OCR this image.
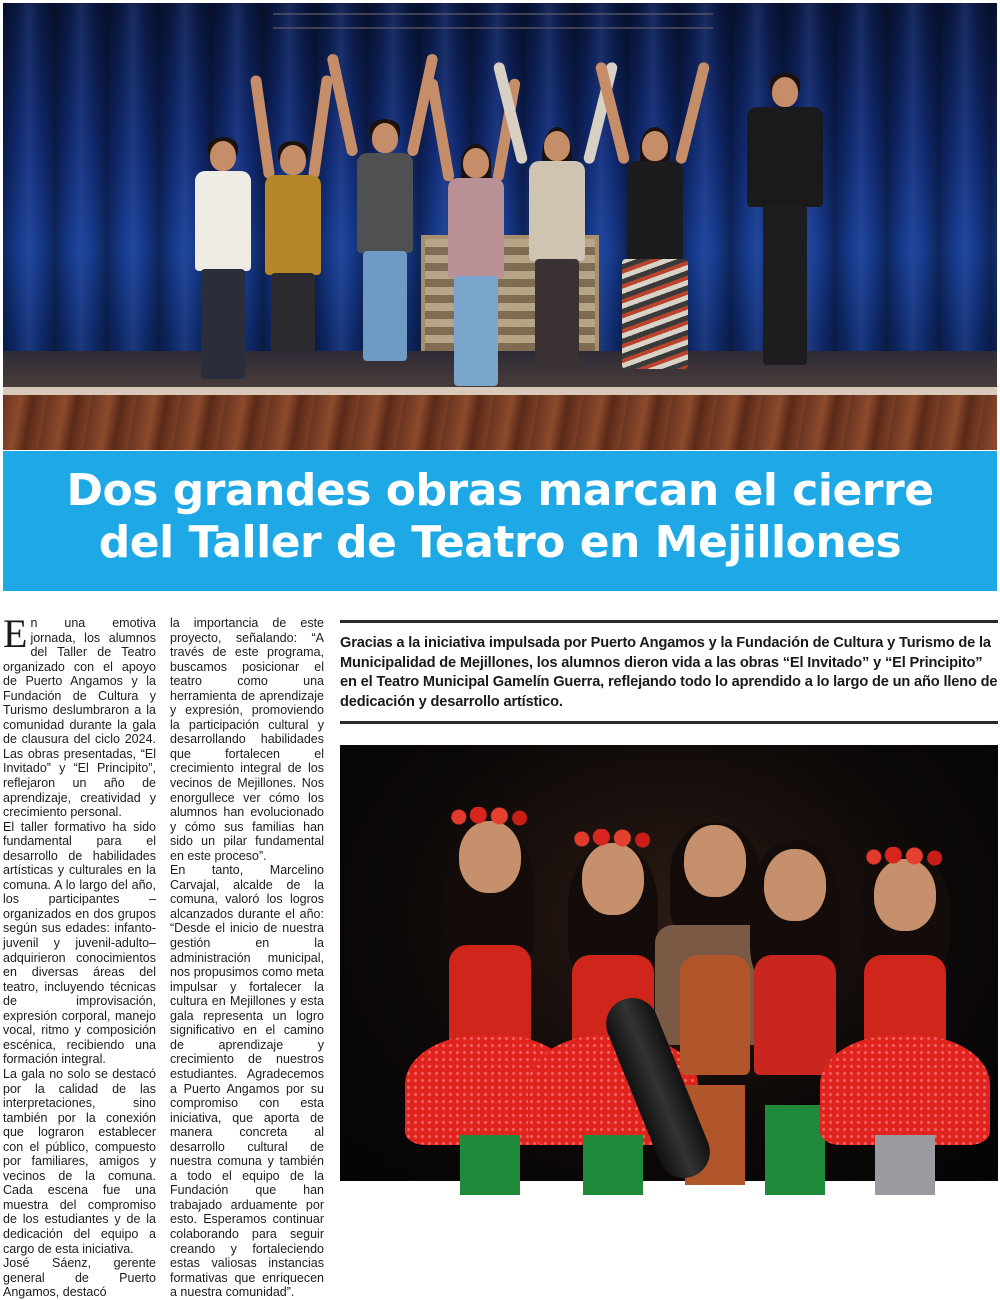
Dos grandes obras marcan el cierre
del Taller de Teatro en Mejillones

En una emotiva jornada, los alumnos del Taller de Teatro organizado con el apoyo de Puerto Angamos y la Fundación de Cultura y Turismo deslumbraron a la comunidad durante la gala de clausura del ciclo 2024. Las obras presentadas, “El Invitado” y “El Principito”, reflejaron un año de aprendizaje, creatividad y crecimiento personal.

El taller formativo ha sido fundamental para el desarrollo de habilidades artísticas y culturales en la comuna. A lo largo del año, los participantes –organizados en dos grupos según sus edades: infanto-juvenil y juvenil-adulto– adquirieron conocimientos en diversas áreas del teatro, incluyendo técnicas de improvisación, expresión corporal, manejo vocal, ritmo y composición escénica, recibiendo una formación integral.

La gala no solo se destacó por la calidad de las interpretaciones, sino también por la conexión que lograron establecer con el público, compuesto por familiares, amigos y vecinos de la comuna. Cada escena fue una muestra del compromiso de los estudiantes y de la dedicación del equipo a cargo de esta iniciativa.

José Sáenz, gerente general de Puerto Angamos, destacó

la importancia de este proyecto, señalando: “A través de este programa, buscamos posicionar el teatro como una herramienta de aprendizaje y expresión, promoviendo la participación cultural y desarrollando habilidades que fortalecen el crecimiento integral de los vecinos de Mejillones. Nos enorgullece ver cómo los alumnos han evolucionado y cómo sus familias han sido un pilar fundamental en este proceso”.

En tanto, Marcelino Carvajal, alcalde de la comuna, valoró los logros alcanzados durante el año: “Desde el inicio de nuestra gestión en la administración municipal, nos propusimos como meta impulsar y fortalecer la cultura en Mejillones y esta gala representa un logro significativo en el camino de aprendizaje y crecimiento de nuestros estudiantes. Agradecemos a Puerto Angamos por su compromiso con esta iniciativa, que aporta de manera concreta al desarrollo cultural de nuestra comuna y también a todo el equipo de la Fundación que han trabajado arduamente por esto. Esperamos continuar colaborando para seguir creando y fortaleciendo estas valiosas instancias formativas que enriquecen a nuestra comunidad”.

Gracias a la iniciativa impulsada por Puerto Angamos y la Fundación de Cultura y Turismo de la Municipalidad de Mejillones, los alumnos dieron vida a las obras “El Invitado” y “El Principito” en el Teatro Municipal Gamelín Guerra, reflejando todo lo aprendido a lo largo de un año lleno de dedicación y desarrollo artístico.
